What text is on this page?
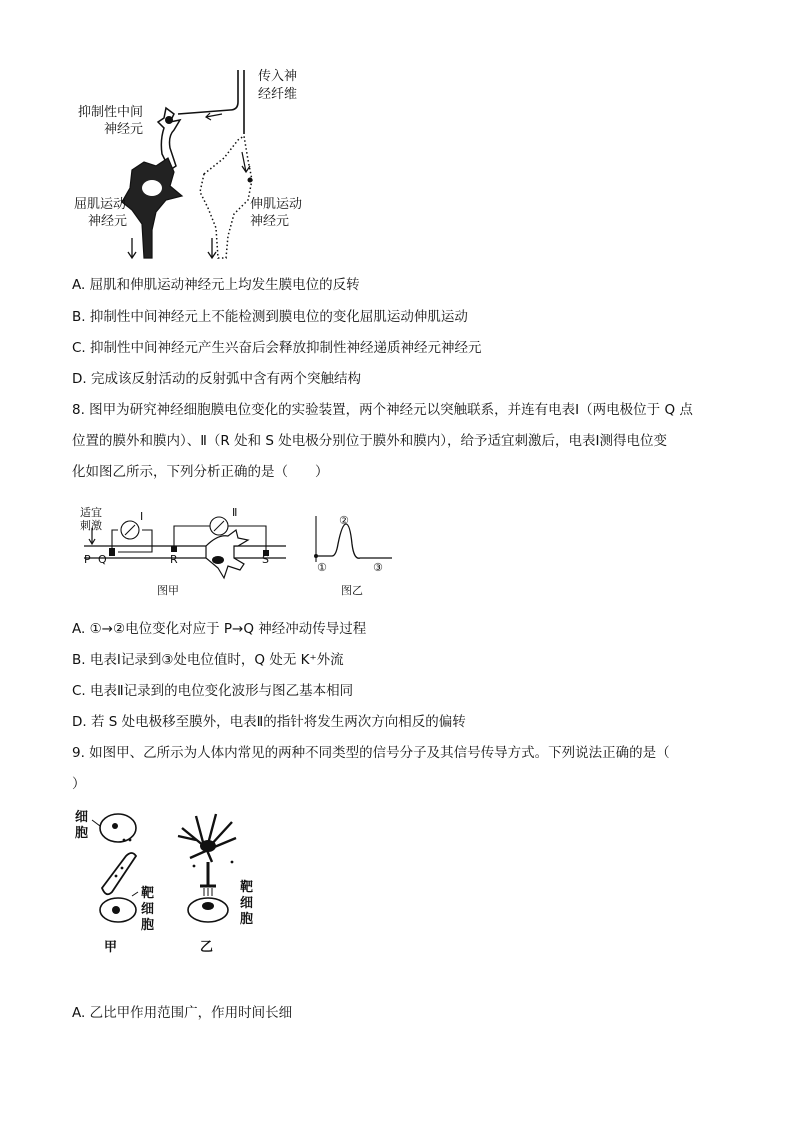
传入神
经纤维
抑制性中间
神经元
屈肌运动
神经元
伸肌运动
神经元
A. 屈肌和伸肌运动神经元上均发生膜电位的反转
B. 抑制性中间神经元上不能检测到膜电位的变化屈肌运动伸肌运动
C. 抑制性中间神经元产生兴奋后会释放抑制性神经递质神经元神经元
D. 完成该反射活动的反射弧中含有两个突触结构
8. 图甲为研究神经细胞膜电位变化的实验装置，两个神经元以突触联系，并连有电表Ⅰ（两电极位于 Q 点
位置的膜外和膜内）、Ⅱ（R 处和 S 处电极分别位于膜外和膜内），给予适宜刺激后，电表Ⅰ测得电位变
化如图乙所示，下列分析正确的是（　　）
适宜
刺激
Ⅰ	Ⅱ
P Q	R	S
图甲
①
②
③
图乙
A. ①→②电位变化对应于 P→Q 神经冲动传导过程
B. 电表Ⅰ记录到③处电位值时，Q 处无 K⁺外流
C. 电表Ⅱ记录到的电位变化波形与图乙基本相同
D. 若 S 处电极移至膜外，电表Ⅱ的指针将发生两次方向相反的偏转
9. 如图甲、乙所示为人体内常见的两种不同类型的信号分子及其信号传导方式。下列说法正确的是（
）
细
胞
靶
细
胞
靶
细
胞
甲	乙
A. 乙比甲作用范围广，作用时间长细
